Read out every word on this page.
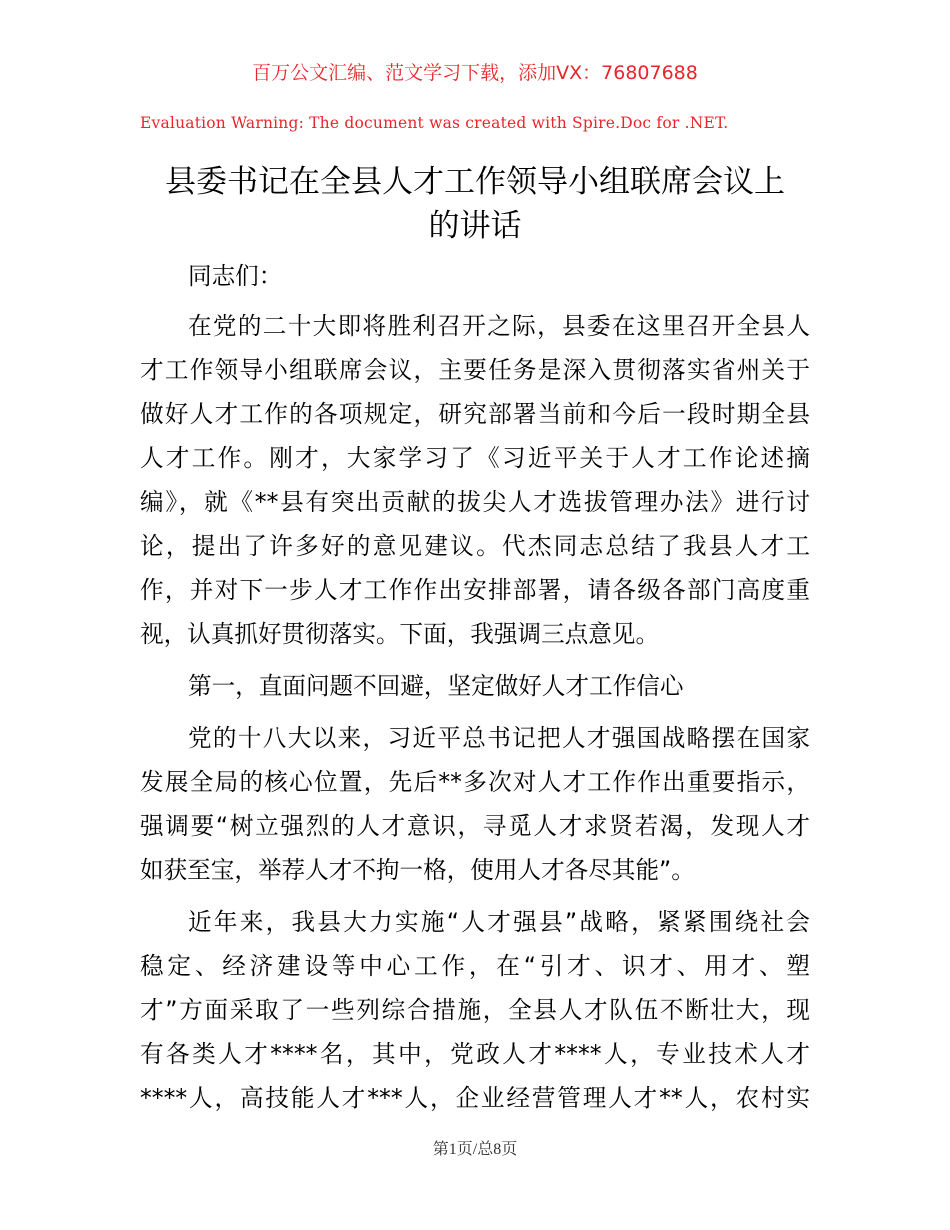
百万公文汇编、范文学习下载，添加VX：76807688
Evaluation Warning: The document was created with Spire.Doc for .NET.
县委书记在全县人才工作领导小组联席会议上
的讲话
同志们：
在党的二十大即将胜利召开之际，县委在这里召开全县人
才工作领导小组联席会议，主要任务是深入贯彻落实省州关于
做好人才工作的各项规定，研究部署当前和今后一段时期全县
人才工作。刚才，大家学习了《习近平关于人才工作论述摘
编》，就《**县有突出贡献的拔尖人才选拔管理办法》进行讨
论，提出了许多好的意见建议。代杰同志总结了我县人才工
作，并对下一步人才工作作出安排部署，请各级各部门高度重
视，认真抓好贯彻落实。下面，我强调三点意见。
第一，直面问题不回避，坚定做好人才工作信心
党的十八大以来，习近平总书记把人才强国战略摆在国家
发展全局的核心位置，先后**多次对人才工作作出重要指示，
强调要“树立强烈的人才意识，寻觅人才求贤若渴，发现人才
如获至宝，举荐人才不拘一格，使用人才各尽其能”。
近年来，我县大力实施“人才强县”战略，紧紧围绕社会
稳定、经济建设等中心工作，在“引才、识才、用才、塑
才”方面采取了一些列综合措施，全县人才队伍不断壮大，现
有各类人才****名，其中，党政人才****人，专业技术人才
****人，高技能人才***人，企业经营管理人才**人，农村实
第1页/总8页
